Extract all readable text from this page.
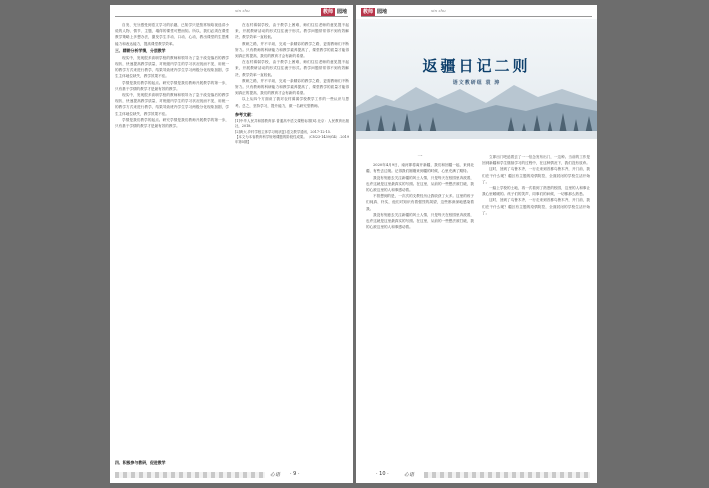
xin zhu	教师 园地

自发、充分感受到语文学习的乐趣，已知学只是按常规给视选讲小说的人物、情节、主题，塌得的课堂可想而知。所以，我们必须在课堂教学策略上多想办法，激发学生手动、口动、心动，教出课堂的生思维能力和表达能力，提高课堂教学效率。

三、精耕分析学情，分层教学

现实中，发现很多高职学校的教师和领导为了急于改变落后的教学现状，快速提高教学质量，对班级内学生的学习状况视而不见，用统一的教学方式来进行教学，结果导致班内学生学习两极分化现象加剧，学生主体地位缺失，教学效果不佳。

学情是我们教学的起点。研究学情是我们教师开展教学的第一步，只有基于学情的教学才是最有效的教学。

现实中，发现很多高职学校的教师和领导为了急于改变落后的教学现状，快速提高教学质量，对班级内学生的学习状况视而不见，用统一的教学方式来进行教学，结果导致班内学生学习两极分化现象加剧，学生主体地位缺失，教学效果不佳。

学情是我们教学的起点。研究学情是我们教师开展教学的第一步，只有基于学情的教学才是最有效的教学。

四、积极参与教研，促进教学

在农村薄弱学校，由于教学上困难，师们往往老师的意见提不起来，开展教研活动的形式往往流于形式。教学问题常常得不到有效解决，教学效率一直较低。

教研之路，并不平坦，完成一条精彩的教学之路，更需教师们不断努力。只有教师的科研能力和教学素养提高了，课堂教学的质量才能得到真正的提高，我们的教育才会有新的希望。

在农村薄弱学校，由于教学上困难，师们往往老师的意见提不起来，开展教研活动的形式往往流于形式。教学问题常常得不到有效解决，教学效率一直较低。

教研之路，并不平坦，完成一条精彩的教学之路，更需教师们不断努力。只有教师的科研能力和教学素养提高了，课堂教学的质量才能得到真正的提高，我们的教育才会有新的希望。

以上从四个方面谈了我对农村薄弱学校教学工作的一些认识与思考。总之，坚持学习，提升能力，做一名研究型教师。

参考文献：

[1]中华人民共和国教育部.普通高中语文课程标准[S].北京：人民教育出版社，2018.

[2]黄大.乡村学校主体学习现状[J].语文教学通讯，2017-12-15.

【本文为本省教育科学规划课题的阶段性成果。（CN23-1439/G4）.2019年第5期】

心语 · 9 ·
教师 园地	xin zhu
返疆日记二则
语文教研组 袁 涛
一

2020年4月9日，南河即将离开新疆，我们和回疆一起，来到北疆、有些去边境。记得我们刚刚来到疆的时候，心里充满了期待。

我没有刻意去关注新疆的风土人情，只是每天在校园里奔波着，也许这就是这里最真实的写照。在这里，从前的一些想法被打破，我的心被这里的人和事感动着。

不曾想到的是，一次次的支教经历让我收获了太多。这里的孩子们纯真、朴实，他们对知识有着强烈的渴望，这些都深深地感染着我。

我没有刻意去关注新疆的风土人情，只是每天在校园里奔波着，也许这就是这里最真实的写照。在这里，从前的一些想法被打破，我的心被这里的人和事感动着。

立即出门吧追着去了一一信念发布出门，一这种。当前的工作是回到新疆和学生继续学习的过程中，在这种情况下，我们没有放弃。

这时，回到了乌鲁木齐，一行走来到首都乌鲁木齐，开门前，我们在干什么呢？疆区有主题的疫情防控，全面封闭的学校生活开始了。

一踏上学校的土地，再一次看到了熟悉的校园，这里的人和事让我心里暖暖的。孩子们的笑声，同事们的问候，一切都那么熟悉。

这时，回到了乌鲁木齐，一行走来到首都乌鲁木齐，开门前，我们在干什么呢？疆区有主题的疫情防控，全面封闭的学校生活开始了。

· 10 ·	心语
